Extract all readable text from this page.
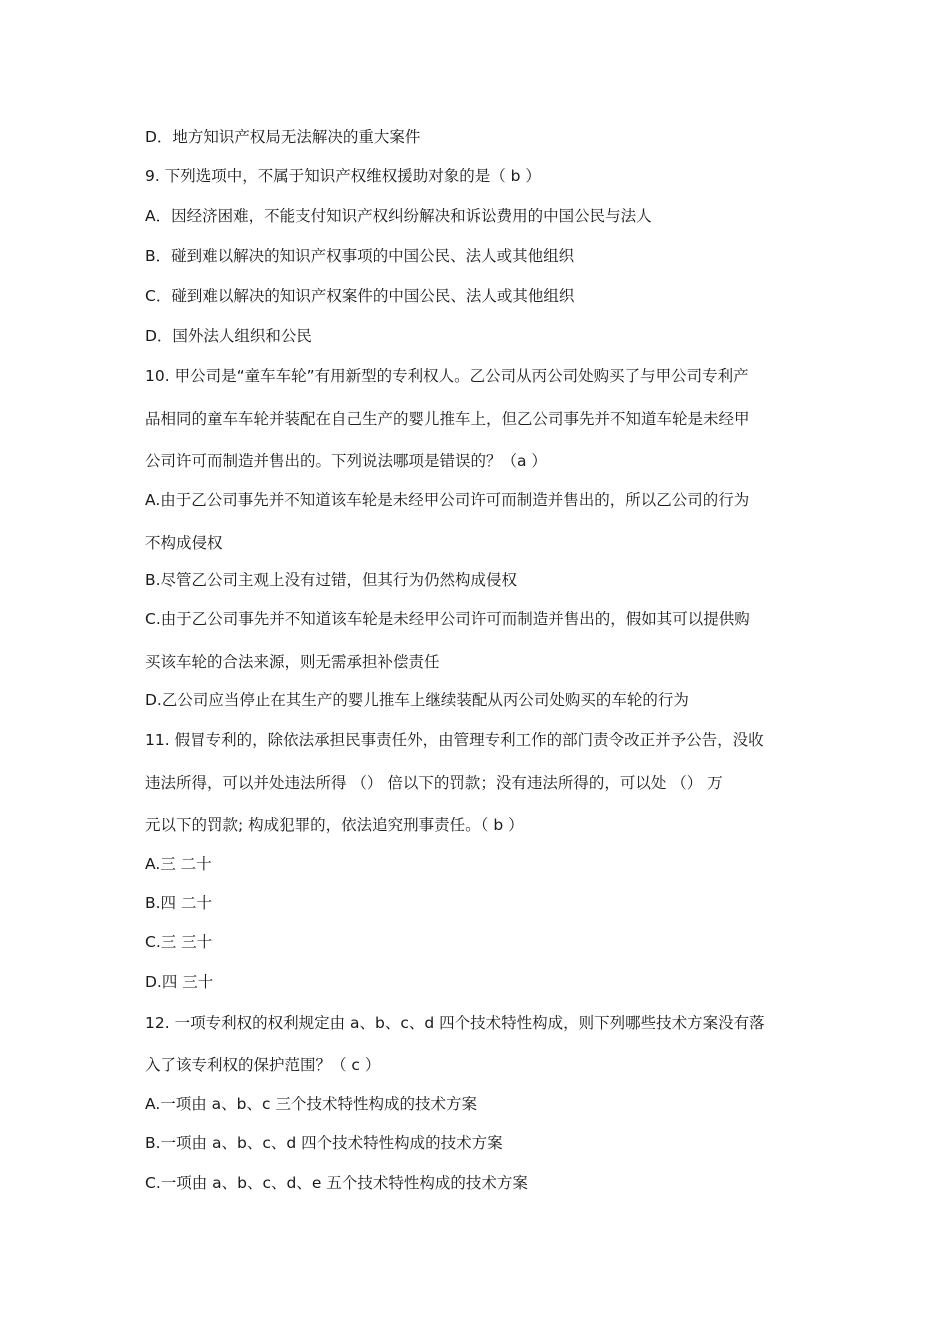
D．地方知识产权局无法解决的重大案件
9. 下列选项中，不属于知识产权维权援助对象的是（ b ）
A．因经济困难，不能支付知识产权纠纷解决和诉讼费用的中国公民与法人
B．碰到难以解决的知识产权事项的中国公民、法人或其他组织
C．碰到难以解决的知识产权案件的中国公民、法人或其他组织
D．国外法人组织和公民
10. 甲公司是“童车车轮”有用新型的专利权人。乙公司从丙公司处购买了与甲公司专利产
品相同的童车车轮并装配在自己生产的婴儿推车上，但乙公司事先并不知道车轮是未经甲
公司许可而制造并售出的。下列说法哪项是错误的？（a ）
A.由于乙公司事先并不知道该车轮是未经甲公司许可而制造并售出的，所以乙公司的行为
不构成侵权
B.尽管乙公司主观上没有过错，但其行为仍然构成侵权
C.由于乙公司事先并不知道该车轮是未经甲公司许可而制造并售出的，假如其可以提供购
买该车轮的合法来源，则无需承担补偿责任
D.乙公司应当停止在其生产的婴儿推车上继续装配从丙公司处购买的车轮的行为
11. 假冒专利的，除依法承担民事责任外，由管理专利工作的部门责令改正并予公告，没收
违法所得，可以并处违法所得 （） 倍以下的罚款；没有违法所得的，可以处 （） 万
元以下的罚款; 构成犯罪的，依法追究刑事责任。（ b ）
A.三 二十
B.四 二十
C.三 三十
D.四 三十
12. 一项专利权的权利规定由 a、b、c、d 四个技术特性构成，则下列哪些技术方案没有落
入了该专利权的保护范围？（ c ）
A.一项由 a、b、c 三个技术特性构成的技术方案
B.一项由 a、b、c、d 四个技术特性构成的技术方案
C.一项由 a、b、c、d、e 五个技术特性构成的技术方案
